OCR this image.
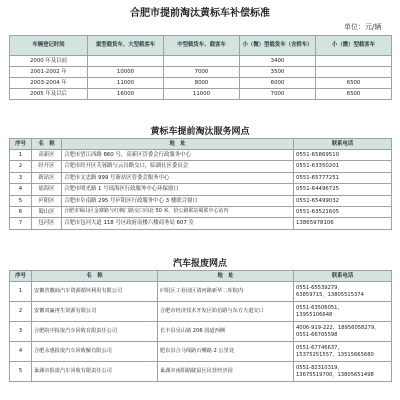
合肥市提前淘汰黄标车补偿标准
单位：元/辆
车辆登记时间	重型载货车、大型载客车	中型载货车、载客车	小（微）型载货车（含轿车）	小（微）型载客车
2000 年及以前			3400	
2001-2002 年	10000	7000	3500	
2003-2004 年	11000	8000	6000	6500
2005 年及以后	16000	11000	7000	6500
黄标车提前淘汰服务网点
序号	名　称	地　址	联系电话
1	高新区	合肥市望江西路 860 号，高新区管委会行政服务中心	0551-65869510
2	经开区	合肥市经开区芙蓉路与云谷路交口，临湖社区委员会	0551-63350201
3	新站区	合肥市文忠路 999 号新站区管委会服务中心	0551-65777251
4	瑶海区	合肥市明光路 1 号瑶海区行政服务中心环保窗口	0551-64496725
5	庐阳区	合肥市阜南路 295 号庐阳区行政服务中心 3 楼联合窗口	0551-65499032
6	蜀山区	合肥市蜀山区金寨路与红枫门路交口向北 50 米，拾公路联站蜀联中心站内	0551-63521605
7	包河区	合肥市包河大道 118 号区政府南楼六楼商务局 607 室	13865978106
汽车报废网点
序号	名　称	地　址	联系电话
1	安徽省徽商汽车资源循环利用有限公司	庐阳区工业园区清河路新华二库院内	0551-65539279，
63859715，13805515374
2	安徽双赢再生资源有限公司	合肥市经济技术开发区始信路与东方大道交口	0551-63506051，
13955106648
3	合肥皖中报废汽车回收有限责任公司	长丰县吴山镇 206 国道西侧	4006-919-222，18956058279，
0551-66705598
4	合肥永惠报废汽车回收解有限公司	肥东县合马线路石嘴路 2 公里处	0551-67746637，
15375251557，13515665680
5	巢湖市报废汽车回收有限责任公司	巢湖市南阳路胧鼠区民营经济园	0551-82310319，
13675519700，13805651498
